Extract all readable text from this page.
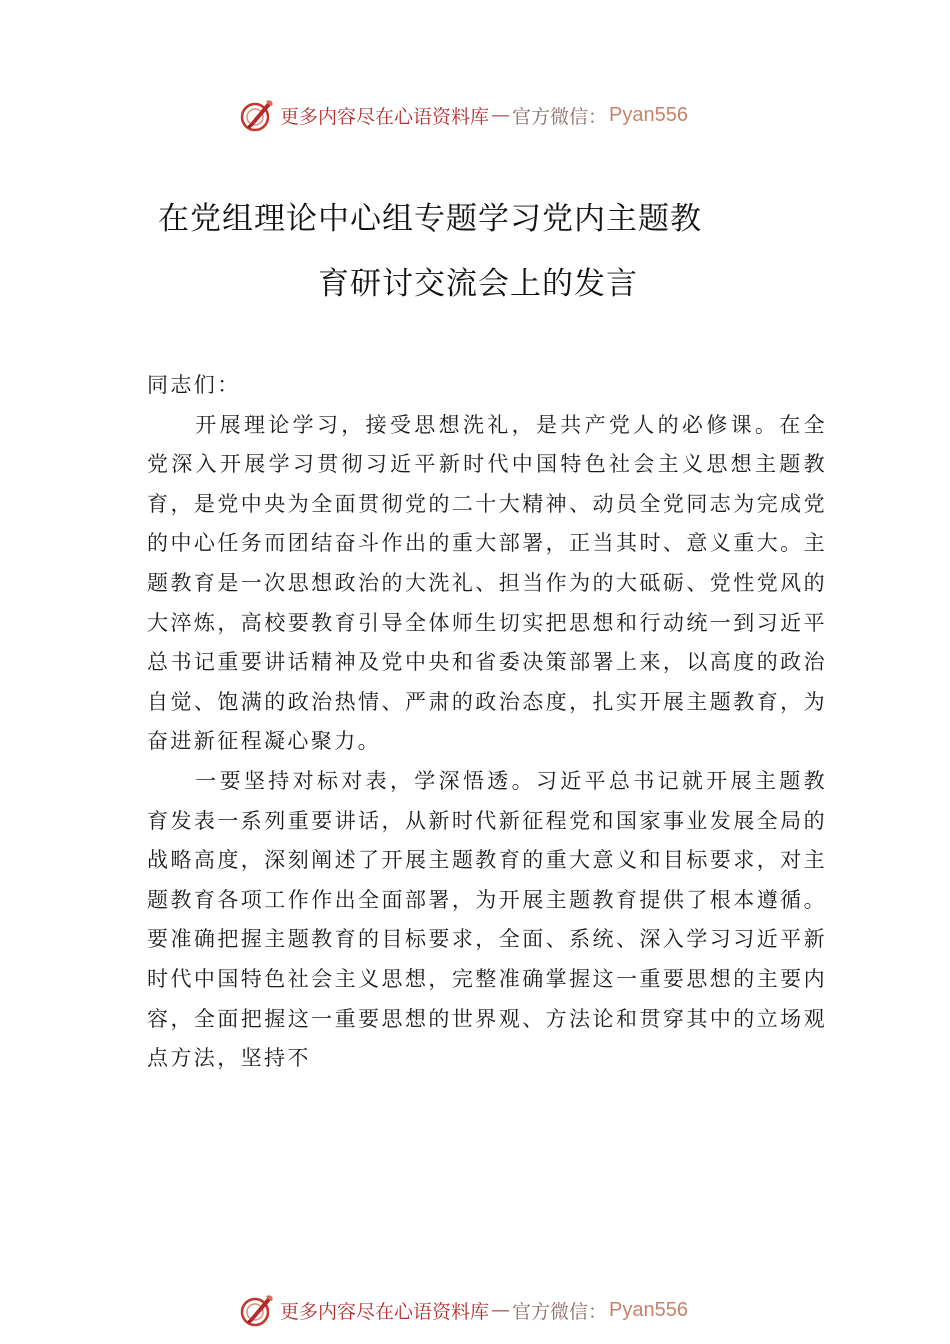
更多内容尽在心语资料库 — 官方微信： Pyan556
在党组理论中心组专题学习党内主题教
育研讨交流会上的发言

同志们：

开展理论学习，接受思想洗礼，是共产党人的必修课。在全党深入开展学习贯彻习近平新时代中国特色社会主义思想主题教育，是党中央为全面贯彻党的二十大精神、动员全党同志为完成党的中心任务而团结奋斗作出的重大部署，正当其时、意义重大。主题教育是一次思想政治的大洗礼、担当作为的大砥砺、党性党风的大淬炼，高校要教育引导全体师生切实把思想和行动统一到习近平总书记重要讲话精神及党中央和省委决策部署上来，以高度的政治自觉、饱满的政治热情、严肃的政治态度，扎实开展主题教育，为奋进新征程凝心聚力。

一要坚持对标对表，学深悟透。习近平总书记就开展主题教育发表一系列重要讲话，从新时代新征程党和国家事业发展全局的战略高度，深刻阐述了开展主题教育的重大意义和目标要求，对主题教育各项工作作出全面部署，为开展主题教育提供了根本遵循。要准确把握主题教育的目标要求，全面、系统、深入学习习近平新时代中国特色社会主义思想，完整准确掌握这一重要思想的主要内容，全面把握这一重要思想的世界观、方法论和贯穿其中的立场观点方法，坚持不

更多内容尽在心语资料库 — 官方微信： Pyan556
